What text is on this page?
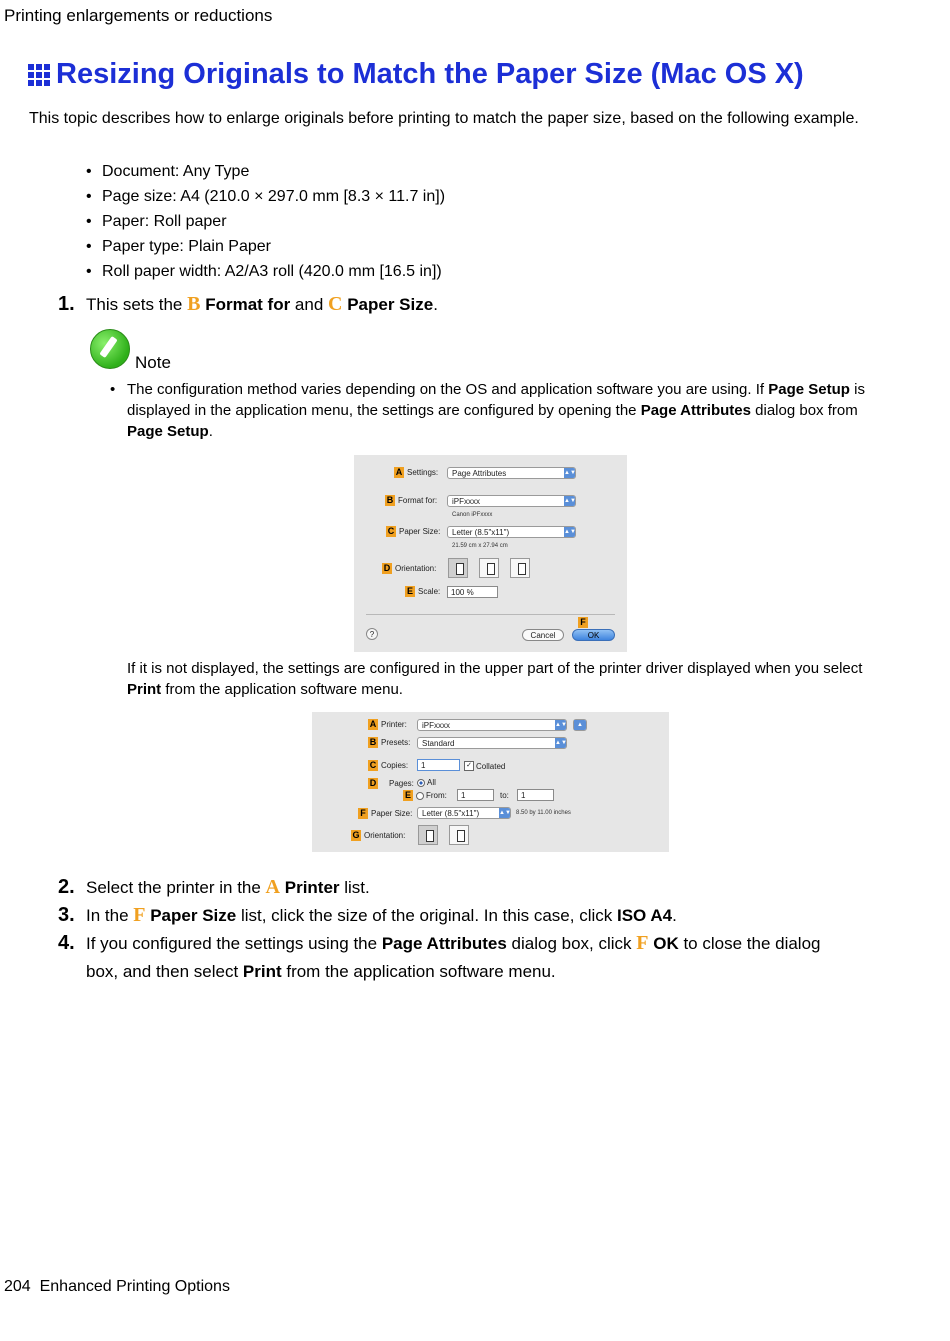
Printing enlargements or reductions
Resizing Originals to Match the Paper Size (Mac OS X)
This topic describes how to enlarge originals before printing to match the paper size, based on the following example.
• Document: Any Type
• Page size: A4 (210.0 × 297.0 mm [8.3 × 11.7 in])
• Paper: Roll paper
• Paper type: Plain Paper
• Roll paper width: A2/A3 roll (420.0 mm [16.5 in])
1. This sets the B Format for and C Paper Size.
Note
• The configuration method varies depending on the OS and application software you are using. If Page Setup is displayed in the application menu, the settings are configured by opening the Page Attributes dialog box from Page Setup.
A Settings:	Page Attributes	▲▼
B Format for:	iPFxxxx	▲▼
Canon iPFxxxx
C Paper Size:	Letter (8.5"x11")	▲▼
21.59 cm x 27.94 cm
D Orientation:
E Scale:	100 %
?
F
Cancel	OK
If it is not displayed, the settings are configured in the upper part of the printer driver displayed when you select Print from the application software menu.
A Printer:	iPFxxxx	▲▼	▲
B Presets:	Standard	▲▼
C Copies:	1	✓ Collated
D Pages: All
E From:	1	to:	1
F Paper Size:	Letter (8.5"x11")	▲▼ 8.50 by 11.00 inches
G Orientation:
2. Select the printer in the A Printer list.
3. In the F Paper Size list, click the size of the original. In this case, click ISO A4.
4. If you configured the settings using the Page Attributes dialog box, click F OK to close the dialog box, and then select Print from the application software menu.
204 Enhanced Printing Options
